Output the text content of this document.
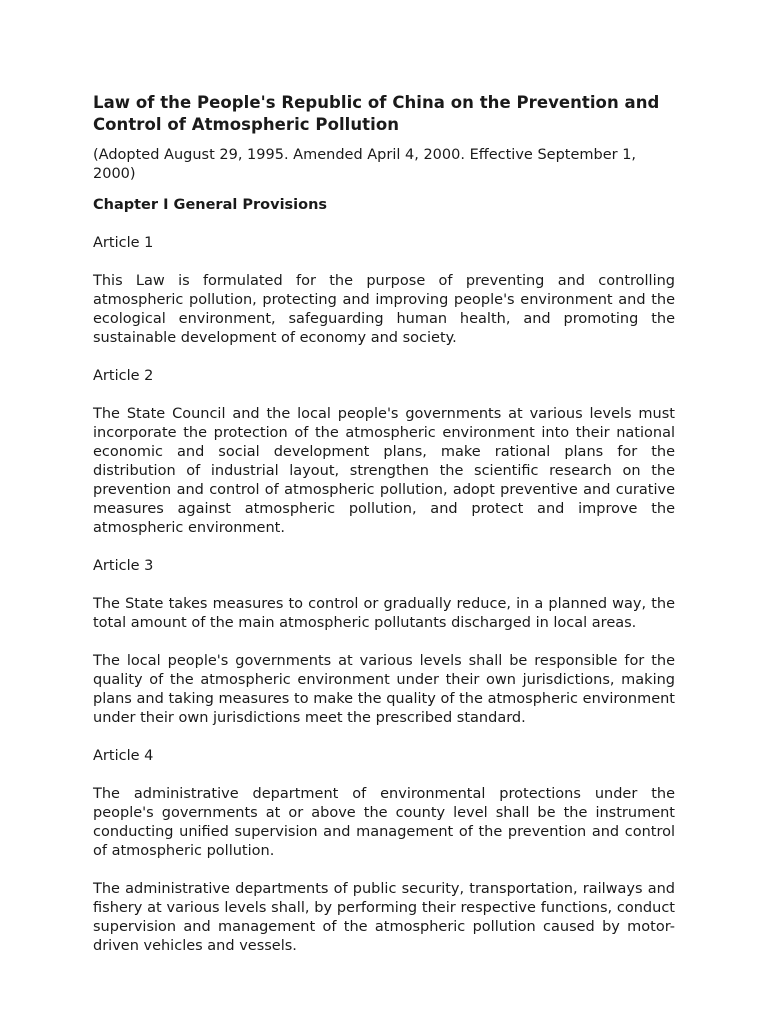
Law of the People's Republic of China on the Prevention and Control of Atmospheric Pollution

(Adopted August 29, 1995. Amended April 4, 2000. Effective September 1, 2000)

Chapter I General Provisions

Article 1

This Law is formulated for the purpose of preventing and controlling atmospheric pollution, protecting and improving people's environment and the ecological environment, safeguarding human health, and promoting the sustainable development of economy and society.

Article 2

The State Council and the local people's governments at various levels must incorporate the protection of the atmospheric environment into their national economic and social development plans, make rational plans for the distribution of industrial layout, strengthen the scientific research on the prevention and control of atmospheric pollution, adopt preventive and curative measures against atmospheric pollution, and protect and improve the atmospheric environment.

Article 3

The State takes measures to control or gradually reduce, in a planned way, the total amount of the main atmospheric pollutants discharged in local areas.

The local people's governments at various levels shall be responsible for the quality of the atmospheric environment under their own jurisdictions, making plans and taking measures to make the quality of the atmospheric environment under their own jurisdictions meet the prescribed standard.

Article 4

The administrative department of environmental protections under the people's governments at or above the county level shall be the instrument conducting unified supervision and management of the prevention and control of atmospheric pollution.

The administrative departments of public security, transportation, railways and fishery at various levels shall, by performing their respective functions, conduct supervision and management of the atmospheric pollution caused by motor-driven vehicles and vessels.
